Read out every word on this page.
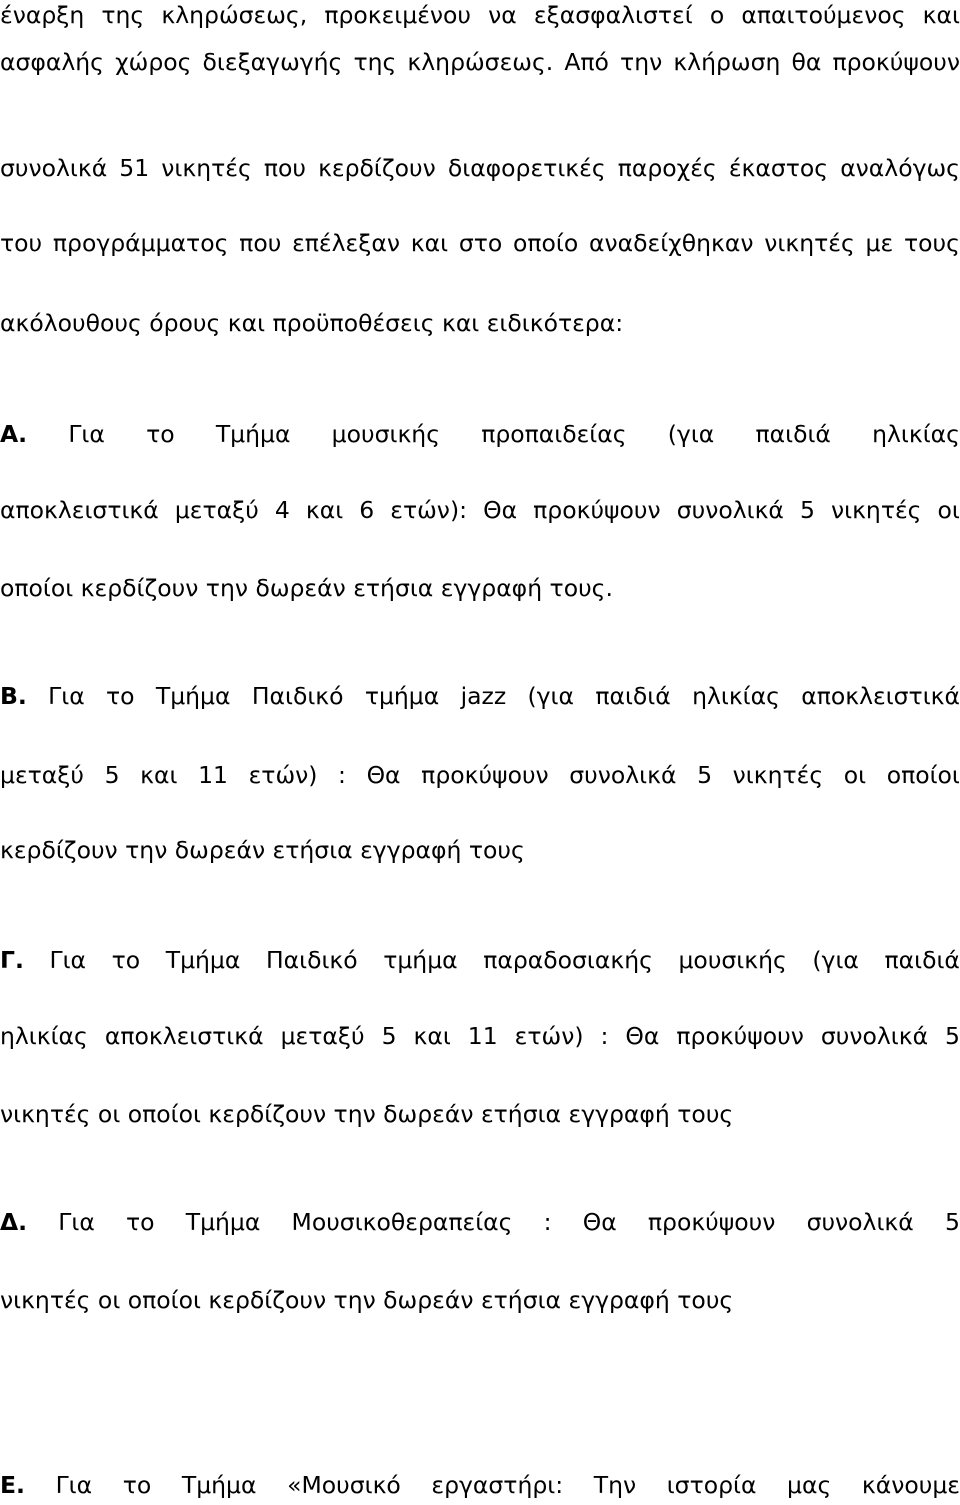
έναρξη της κληρώσεως, προκειμένου να εξασφαλιστεί ο απαιτούμενος και
ασφαλής χώρος διεξαγωγής της κληρώσεως. Από την κλήρωση θα προκύψουν
συνολικά 51 νικητές που κερδίζουν διαφορετικές παροχές έκαστος αναλόγως
του προγράμματος που επέλεξαν και στο οποίο αναδείχθηκαν νικητές με τους
ακόλουθους όρους και προϋποθέσεις και ειδικότερα:
Α. Για το Τμήμα μουσικής προπαιδείας (για παιδιά ηλικίας
αποκλειστικά μεταξύ 4 και 6 ετών): Θα προκύψουν συνολικά 5 νικητές οι
οποίοι κερδίζουν την δωρεάν ετήσια εγγραφή τους.
Β. Για το Τμήμα Παιδικό τμήμα jazz (για παιδιά ηλικίας αποκλειστικά
μεταξύ 5 και 11 ετών) : Θα προκύψουν συνολικά 5 νικητές οι οποίοι
κερδίζουν την δωρεάν ετήσια εγγραφή τους
Γ. Για το Τμήμα Παιδικό τμήμα παραδοσιακής μουσικής (για παιδιά
ηλικίας αποκλειστικά μεταξύ 5 και 11 ετών) : Θα προκύψουν συνολικά 5
νικητές οι οποίοι κερδίζουν την δωρεάν ετήσια εγγραφή τους
Δ. Για το Τμήμα Μουσικοθεραπείας : Θα προκύψουν συνολικά 5
νικητές οι οποίοι κερδίζουν την δωρεάν ετήσια εγγραφή τους
Ε. Για το Τμήμα «Μουσικό εργαστήρι: Την ιστορία μας κάνουμε
